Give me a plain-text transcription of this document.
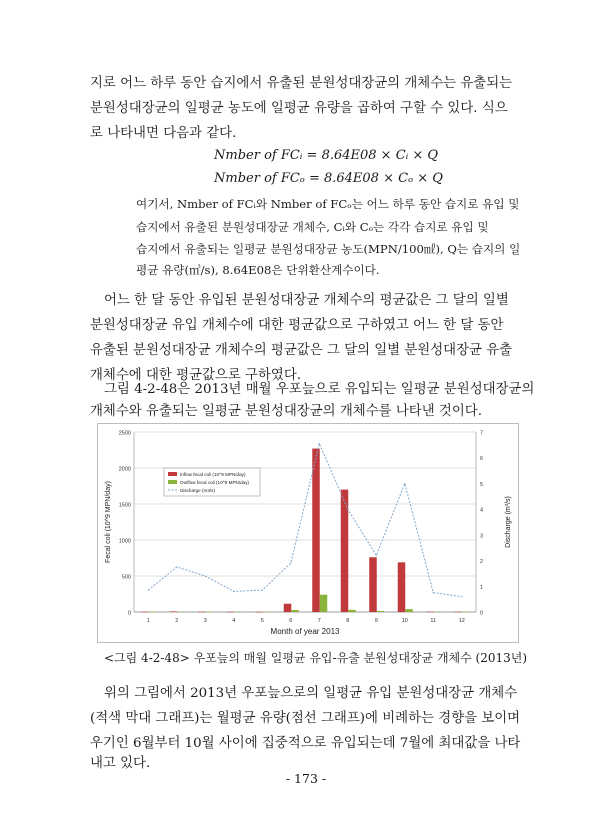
지로 어느 하루 동안 습지에서 유출된 분원성대장균의 개체수는 유출되는
분원성대장균의 일평균 농도에 일평균 유량을 곱하여 구할 수 있다. 식으
로 나타내면 다음과 같다.
Nmber of FCᵢ = 8.64E08 × Cᵢ × Q
Nmber of FCₒ = 8.64E08 × Cₒ × Q
여기서, Nmber of FCᵢ와 Nmber of FCₒ는 어느 하루 동안 습지로 유입 및
습지에서 유출된 분원성대장균 개체수, Cᵢ와 Cₒ는 각각 습지로 유입 및
습지에서 유출되는 일평균 분원성대장균 농도(MPN/100㎖), Q는 습지의 일
평균 유량(㎥/s), 8.64E08은 단위환산계수이다.
어느 한 달 동안 유입된 분원성대장균 개체수의 평균값은 그 달의 일별
분원성대장균 유입 개체수에 대한 평균값으로 구하였고 어느 한 달 동안
유출된 분원성대장균 개체수의 평균값은 그 달의 일별 분원성대장균 유출
개체수에 대한 평균값으로 구하였다.
그림 4-2-48은 2013년 매월 우포늪으로 유입되는 일평균 분원성대장균의
개체수와 유출되는 일평균 분원성대장균의 개체수를 나타낸 것이다.
0
500
1000
1500
2000
2500
0
1
2
3
4
5
6
7
1	2	3	4	5	6	7	8	9	10	11	12
Month of year 2013
Fecal coli (10^9 MPN/day)	Discharge (m³/s)
Inflow fecal coli (10^9 MPN/day)
Outflow fecal coli (10^9 MPN/day)
Discharge (m3/s)
<그림 4-2-48> 우포늪의 매월 일평균 유입-유출 분원성대장균 개체수 (2013년)
위의 그림에서 2013년 우포늪으로의 일평균 유입 분원성대장균 개체수
(적색 막대 그래프)는 월평균 유량(점선 그래프)에 비례하는 경향을 보이며
우기인 6월부터 10월 사이에 집중적으로 유입되는데 7월에 최대값을 나타
내고 있다.
- 173 -
